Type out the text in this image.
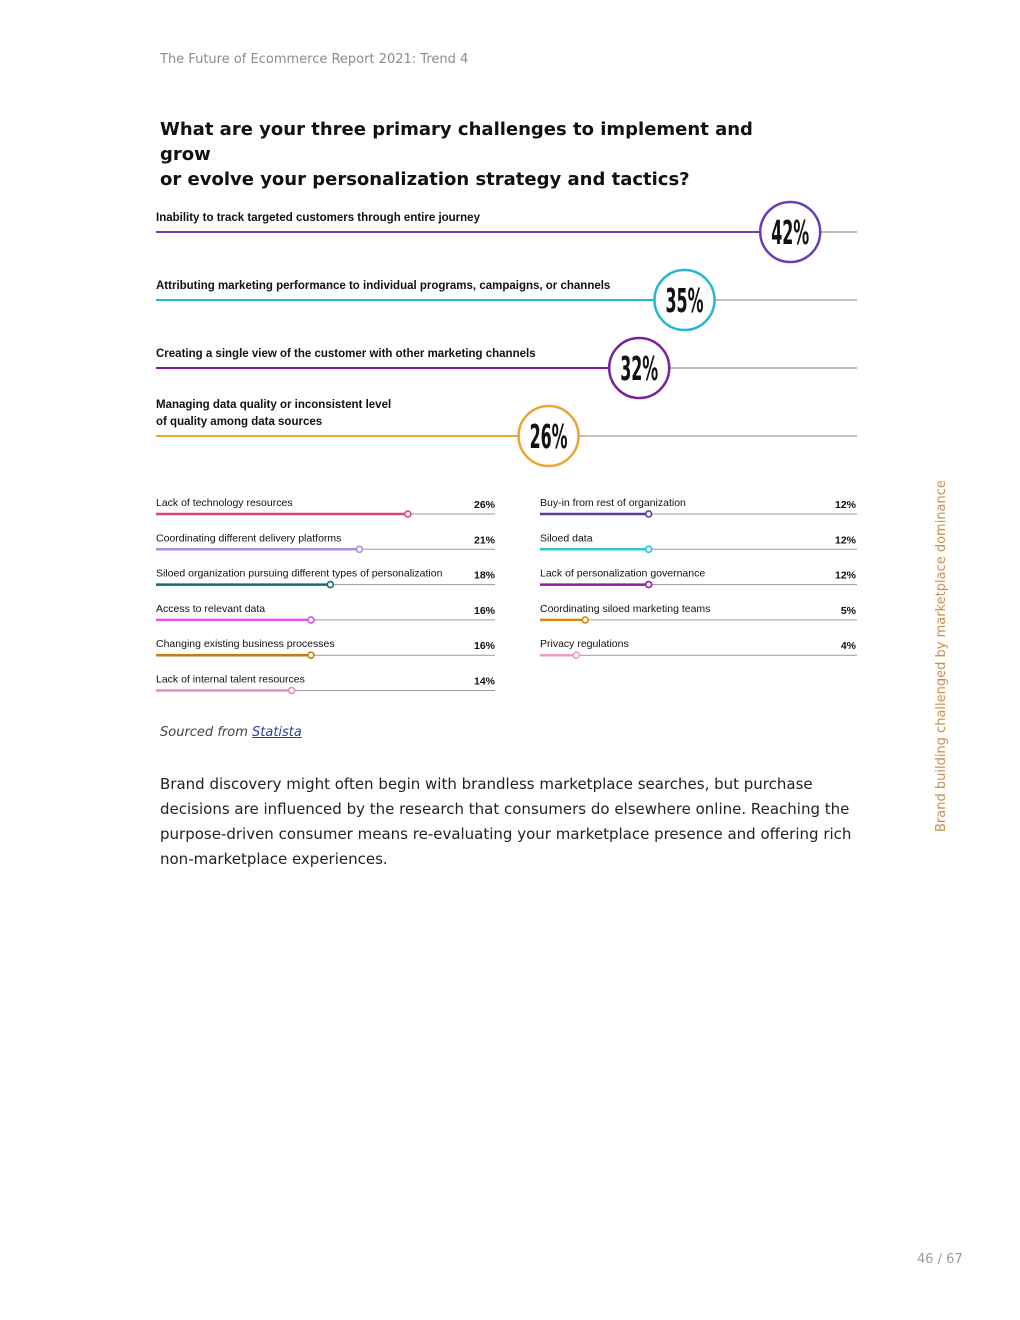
The Future of Ecommerce Report 2021: Trend 4
What are your three primary challenges to implement and grow
or evolve your personalization strategy and tactics?
42%
Inability to track targeted customers through entire journey
35%
Attributing marketing performance to individual programs, campaigns, or channels
32%
Creating a single view of the customer with other marketing channels
26%
Managing data quality or inconsistent level
of quality among data sources
Lack of technology resources	26%
Coordinating different delivery platforms	21%
Siloed organization pursuing different types of personalization	18%
Access to relevant data	16%
Changing existing business processes	16%
Lack of internal talent resources	14%
Buy-in from rest of organization	12%
Siloed data	12%
Lack of personalization governance	12%
Coordinating siloed marketing teams	5%
Privacy regulations	4%
Sourced from Statista
Brand discovery might often begin with brandless marketplace searches, but purchase decisions are influenced by the research that consumers do elsewhere online. Reaching the purpose-driven consumer means re-evaluating your marketplace presence and offering rich non-marketplace experiences.
Brand building challenged by marketplace dominance
46 / 67
